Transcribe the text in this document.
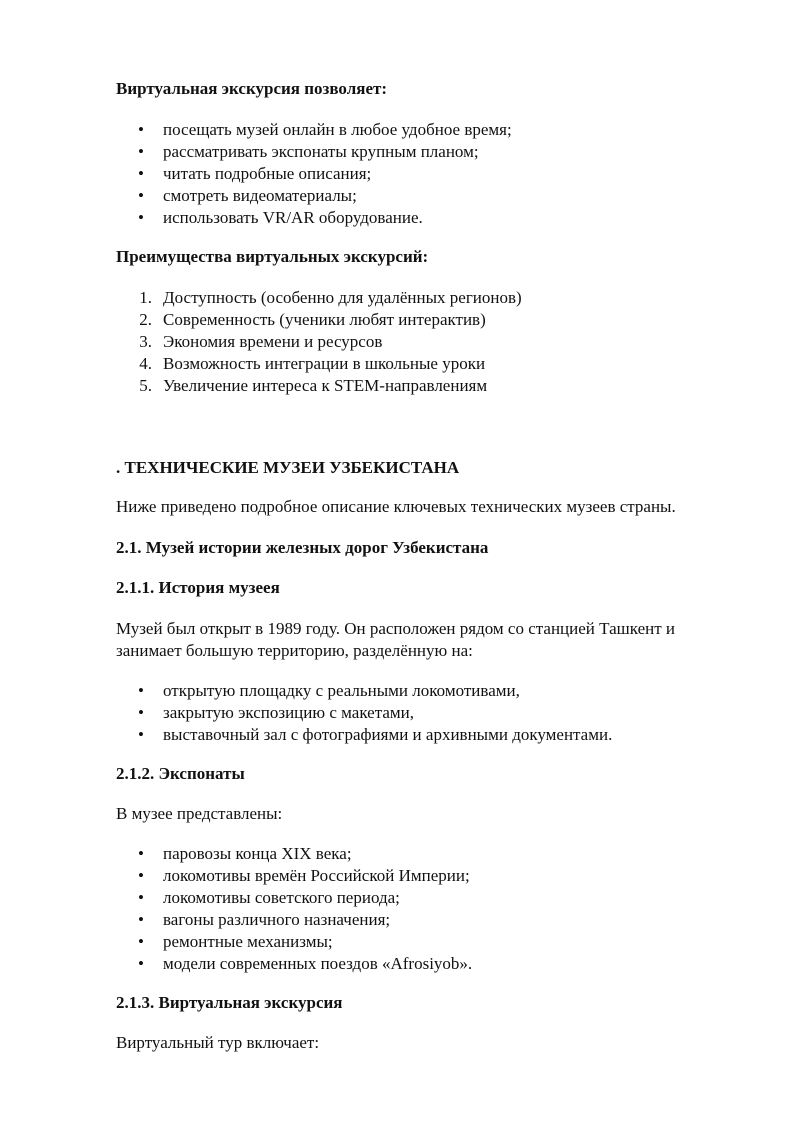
Виртуальная экскурсия позволяет:
• посещать музей онлайн в любое удобное время;
• рассматривать экспонаты крупным планом;
• читать подробные описания;
• смотреть видеоматериалы;
• использовать VR/AR оборудование.
Преимущества виртуальных экскурсий:
1. Доступность (особенно для удалённых регионов)
2. Современность (ученики любят интерактив)
3. Экономия времени и ресурсов
4. Возможность интеграции в школьные уроки
5. Увеличение интереса к STEM-направлениям
. ТЕХНИЧЕСКИЕ МУЗЕИ УЗБЕКИСТАНА
Ниже приведено подробное описание ключевых технических музеев страны.
2.1. Музей истории железных дорог Узбекистана
2.1.1. История музеея
Музей был открыт в 1989 году. Он расположен рядом со станцией Ташкент и
занимает большую территорию, разделённую на:
• открытую площадку с реальными локомотивами,
• закрытую экспозицию с макетами,
• выставочный зал с фотографиями и архивными документами.
2.1.2. Экспонаты
В музее представлены:
• паровозы конца XIX века;
• локомотивы времён Российской Империи;
• локомотивы советского периода;
• вагоны различного назначения;
• ремонтные механизмы;
• модели современных поездов «Afrosiyob».
2.1.3. Виртуальная экскурсия
Виртуальный тур включает:
